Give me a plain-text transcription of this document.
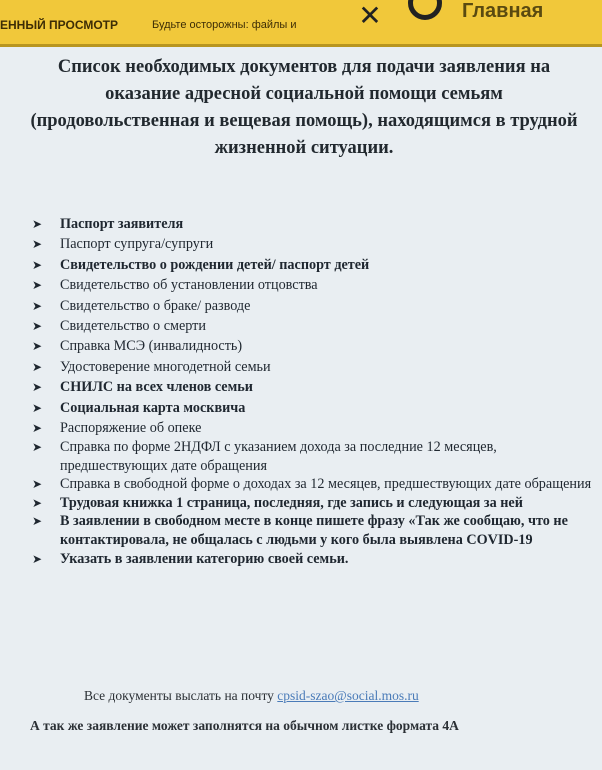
ЕННЫЙ ПРОСМОТР	Будьте осторожны: файлы и	✕	Главная
Список необходимых документов для подачи заявления на
оказание адресной социальной помощи семьям
(продовольственная и вещевая помощь), находящимся в трудной
жизненной ситуации.
➤ Паспорт заявителя
➤ Паспорт супруга/супруги
➤ Свидетельство о рождении детей/ паспорт детей
➤ Свидетельство об установлении отцовства
➤ Свидетельство о браке/ разводе
➤ Свидетельство о смерти
➤ Справка МСЭ (инвалидность)
➤ Удостоверение многодетной семьи
➤ СНИЛС на всех членов семьи
➤ Социальная карта москвича
➤ Распоряжение об опеке
➤ Справка по форме 2НДФЛ с указанием дохода за последние 12 месяцев, предшествующих дате обращения
➤ Справка в свободной форме о доходах за 12 месяцев, предшествующих дате обращения
➤ Трудовая книжка 1 страница, последняя, где запись и следующая за ней
➤ В заявлении в свободном месте в конце пишете фразу «Так же сообщаю, что не контактировала, не общалась с людьми у кого была выявлена COVID-19
➤ Указать в заявлении категорию своей семьи.
Все документы выслать на почту cpsid-szao@social.mos.ru
А так же заявление может заполнятся на обычном листке формата 4А
